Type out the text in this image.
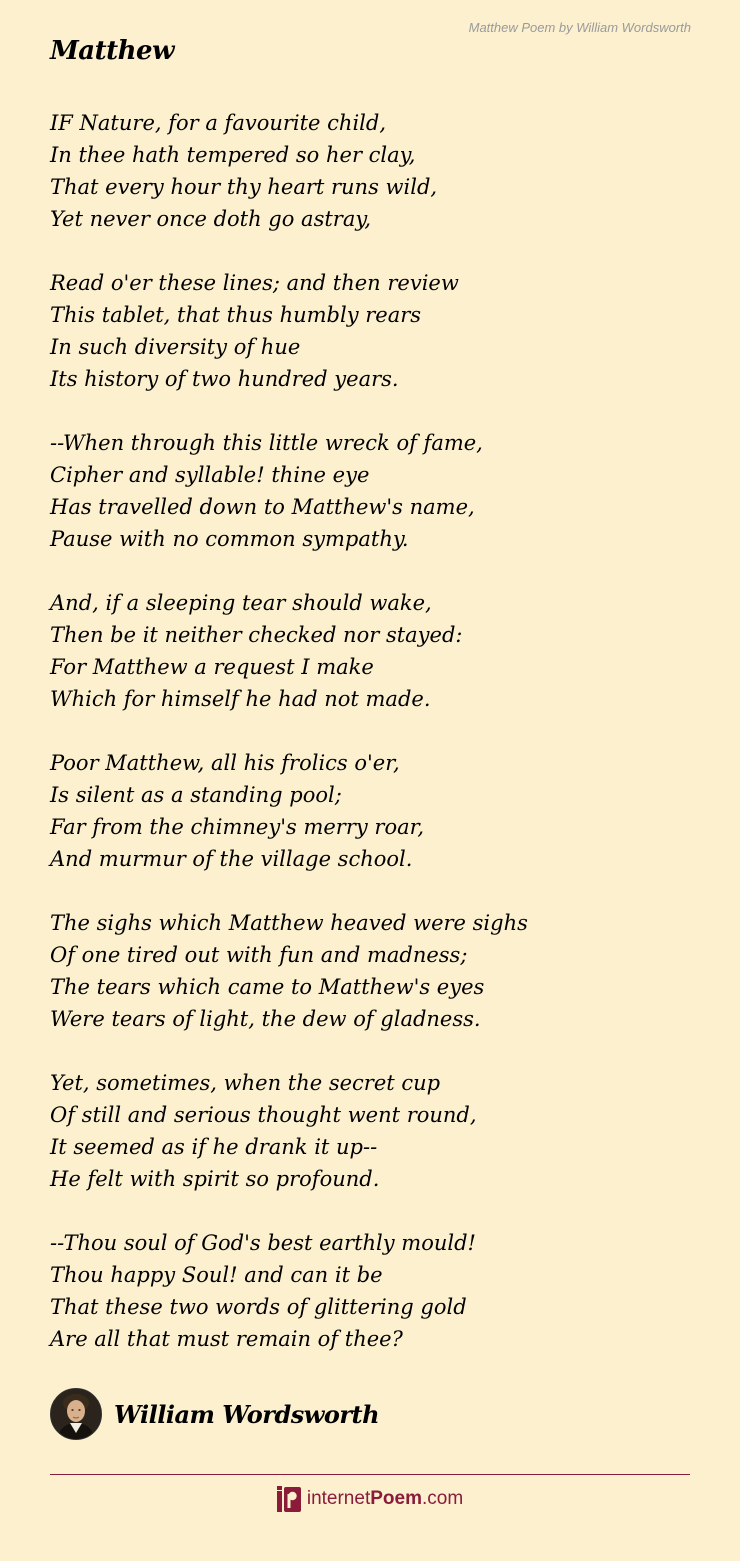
Matthew Poem by William Wordsworth
Matthew
IF Nature, for a favourite child,
In thee hath tempered so her clay,
That every hour thy heart runs wild,
Yet never once doth go astray,
Read o'er these lines; and then review
This tablet, that thus humbly rears
In such diversity of hue
Its history of two hundred years.
--When through this little wreck of fame,
Cipher and syllable! thine eye
Has travelled down to Matthew's name,
Pause with no common sympathy.
And, if a sleeping tear should wake,
Then be it neither checked nor stayed:
For Matthew a request I make
Which for himself he had not made.
Poor Matthew, all his frolics o'er,
Is silent as a standing pool;
Far from the chimney's merry roar,
And murmur of the village school.
The sighs which Matthew heaved were sighs
Of one tired out with fun and madness;
The tears which came to Matthew's eyes
Were tears of light, the dew of gladness.
Yet, sometimes, when the secret cup
Of still and serious thought went round,
It seemed as if he drank it up--
He felt with spirit so profound.
--Thou soul of God's best earthly mould!
Thou happy Soul! and can it be
That these two words of glittering gold
Are all that must remain of thee?
William Wordsworth
internetPoem.com
